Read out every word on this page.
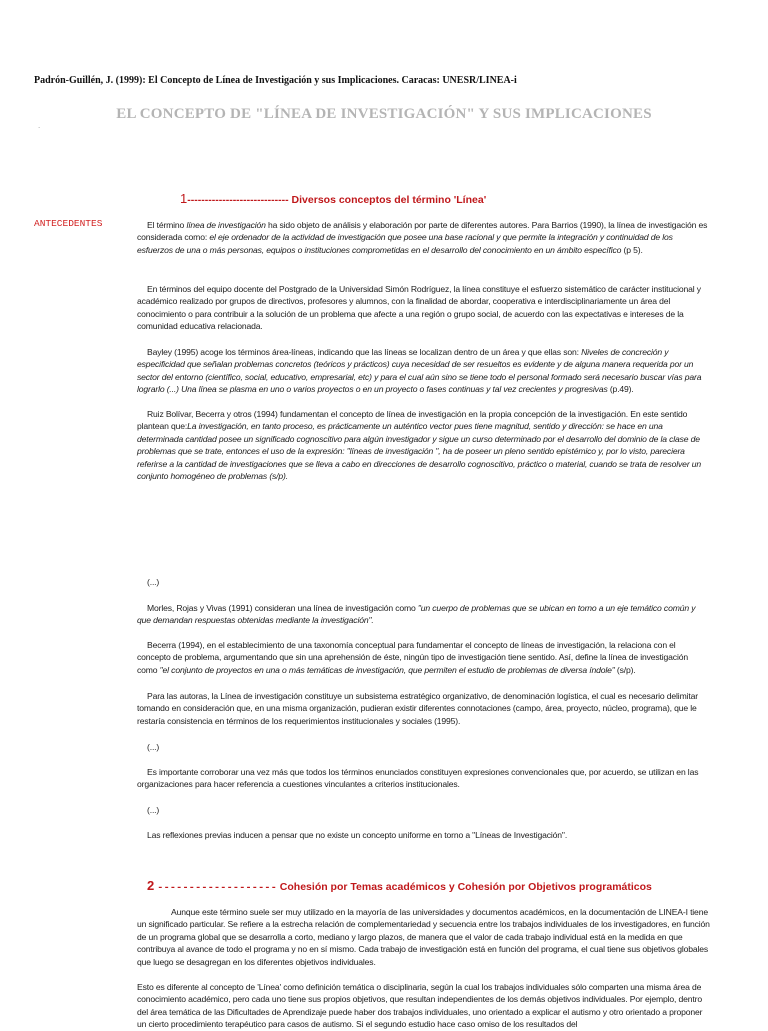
Padrón-Guillén, J. (1999): El Concepto de Línea de Investigación y sus Implicaciones. Caracas: UNESR/LINEA-i
EL CONCEPTO DE "LÍNEA DE INVESTIGACIÓN" Y SUS IMPLICACIONES
.
1----------------------------- Diversos conceptos del término 'Línea'
ANTECEDENTES	El término línea de investigación ha sido objeto de análisis y elaboración por parte de diferentes autores. Para Barrios (1990), la línea de investigación es considerada como: el eje ordenador de la actividad de investigación que posee una base racional y que permite la integración y continuidad de los esfuerzos de una o más personas, equipos o instituciones comprometidas en el desarrollo del conocimiento en un ámbito específico (p 5).
En términos del equipo docente del Postgrado de la Universidad Simón Rodríguez, la línea constituye el esfuerzo sistemático de carácter institucional y académico realizado por grupos de directivos, profesores y alumnos, con la finalidad de abordar, cooperativa e interdisciplinariamente un área del conocimiento o para contribuir a la solución de un problema que afecte a una región o grupo social, de acuerdo con las expectativas e intereses de la comunidad educativa relacionada.
Bayley (1995) acoge los términos área-líneas, indicando que las líneas se localizan dentro de un área y que ellas son: Niveles de concreción y especificidad que señalan problemas concretos (teóricos y prácticos) cuya necesidad de ser resueltos es evidente y de alguna manera requerida por un sector del entorno (científico, social, educativo, empresarial, etc) y para el cual aún sino se tiene todo el personal formado será necesario buscar vías para lograrlo (...) Una línea se plasma en uno o varios proyectos o en un proyecto o fases continuas y tal vez crecientes y progresivas (p.49).
Ruiz Bolívar, Becerra y otros (1994) fundamentan el concepto de línea de investigación en la propia concepción de la investigación. En este sentido plantean que:La investigación, en tanto proceso, es prácticamente un auténtico vector pues tiene magnitud, sentido y dirección: se hace en una determinada cantidad posee un significado cognoscitivo para algún investigador y sigue un curso determinado por el desarrollo del dominio de la clase de problemas que se trate, entonces el uso de la expresión: "líneas de investigación ", ha de poseer un pleno sentido epistémico y, por lo visto, pareciera referirse a la cantidad de investigaciones que se lleva a cabo en direcciones de desarrollo cognoscitivo, práctico o material, cuando se trata de resolver un conjunto homogéneo de problemas (s/p).
(...)
Morles, Rojas y Vivas (1991) consideran una línea de investigación como "un cuerpo de problemas que se ubican en torno a un eje temático común y que demandan respuestas obtenidas mediante la investigación".
Becerra (1994), en el establecimiento de una taxonomía conceptual para fundamentar el concepto de líneas de investigación, la relaciona con el concepto de problema, argumentando que sin una aprehensión de éste, ningún tipo de investigación tiene sentido. Así, define la línea de investigación como "el conjunto de proyectos en una o más temáticas de investigación, que permiten el estudio de problemas de diversa índole" (s/p).
Para las autoras, la Línea de investigación constituye un subsistema estratégico organizativo, de denominación logística, el cual es necesario delimitar tomando en consideración que, en una misma organización, pudieran existir diferentes connotaciones (campo, área, proyecto, núcleo, programa), que le restaría consistencia en términos de los requerimientos institucionales y sociales (1995).
(...)
Es importante corroborar una vez más que todos los términos enunciados constituyen expresiones convencionales que, por acuerdo, se utilizan en las organizaciones para hacer referencia a cuestiones vinculantes a criterios institucionales.
(...)
Las reflexiones previas inducen a pensar que no existe un concepto uniforme en torno a "Líneas de Investigación".
2 ------------------- Cohesión por Temas académicos y Cohesión por Objetivos programáticos
Aunque este término suele ser muy utilizado en la mayoría de las universidades y documentos académicos, en la documentación de LINEA-I tiene un significado particular. Se refiere a la estrecha relación de complementariedad y secuencia entre los trabajos individuales de los investigadores, en función de un programa global que se desarrolla a corto, mediano y largo plazos, de manera que el valor de cada trabajo individual está en la medida en que contribuya al avance de todo el programa y no en sí mismo. Cada trabajo de investigación está en función del programa, el cual tiene sus objetivos globales que luego se desagregan en los diferentes objetivos individuales.
Esto es diferente al concepto de 'Línea' como definición temática o disciplinaria, según la cual los trabajos individuales sólo comparten una misma área de conocimiento académico, pero cada uno tiene sus propios objetivos, que resultan independientes de los demás objetivos individuales. Por ejemplo, dentro del área temática de las Dificultades de Aprendizaje puede haber dos trabajos individuales, uno orientado a explicar el autismo y otro orientado a proponer un cierto procedimiento terapéutico para casos de autismo. Si el segundo estudio hace caso omiso de los resultados del
